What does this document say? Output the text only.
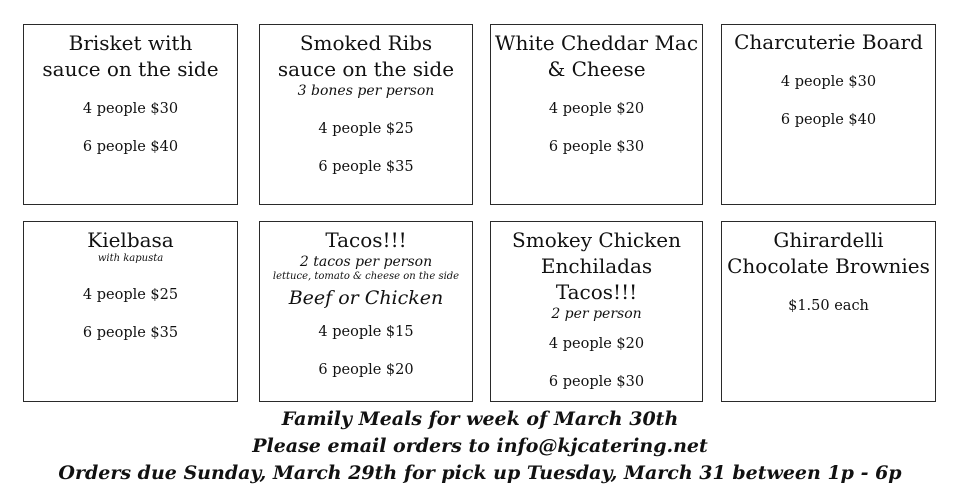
Brisket with
sauce on the side
4 people $30
6 people $40
Smoked Ribs
sauce on the side
3 bones per person
4 people $25
6 people $35
White Cheddar Mac
& Cheese
4 people $20
6 people $30
Charcuterie Board
4 people $30
6 people $40
Kielbasa
with kapusta
4 people $25
6 people $35
Tacos!!!
2 tacos per person
lettuce, tomato & cheese on the side
Beef or Chicken
4 people $15
6 people $20
Smokey Chicken
Enchiladas
Tacos!!!
2 per person
4 people $20
6 people $30
Ghirardelli
Chocolate Brownies
$1.50 each
Family Meals for week of March 30th
Please email orders to info@kjcatering.net
Orders due Sunday, March 29th for pick up Tuesday, March 31 between 1p - 6p
